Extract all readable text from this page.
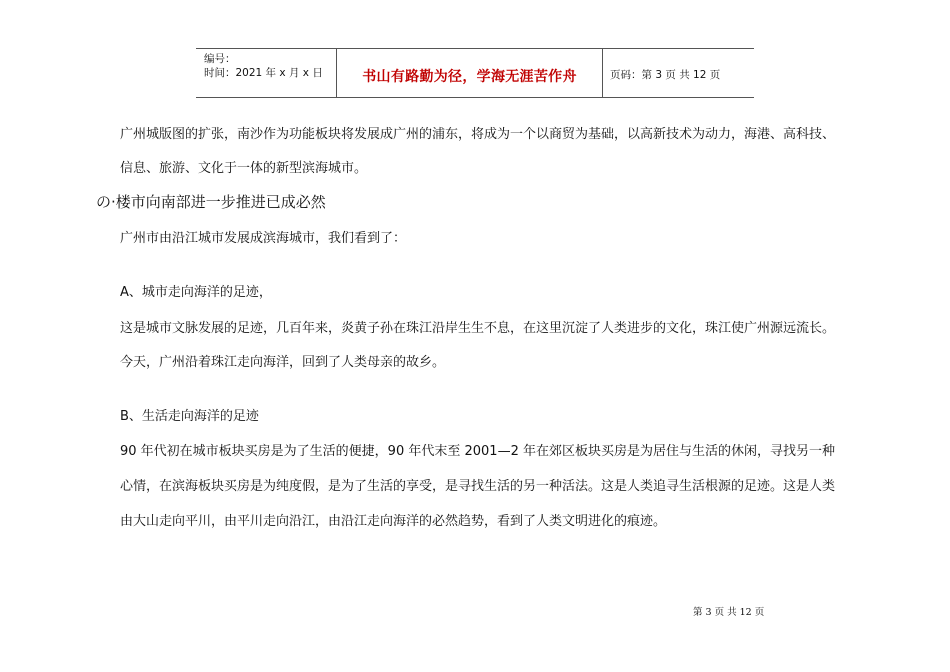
编号：
时间：2021 年 x 月 x 日	书山有路勤为径，学海无涯苦作舟	页码：第 3 页 共 12 页
广州城版图的扩张，南沙作为功能板块将发展成广州的浦东，将成为一个以商贸为基础，以高新技术为动力，海港、高科技、
信息、旅游、文化于一体的新型滨海城市。
の·楼市向南部进一步推进已成必然
广州市由沿江城市发展成滨海城市，我们看到了：
A、城市走向海洋的足迹，
这是城市文脉发展的足迹，几百年来，炎黄子孙在珠江沿岸生生不息，在这里沉淀了人类进步的文化，珠江使广州源远流长。
今天，广州沿着珠江走向海洋，回到了人类母亲的故乡。
B、生活走向海洋的足迹
90 年代初在城市板块买房是为了生活的便捷，90 年代末至 2001—2 年在郊区板块买房是为居住与生活的休闲，寻找另一种
心情，在滨海板块买房是为纯度假，是为了生活的享受，是寻找生活的另一种活法。这是人类追寻生活根源的足迹。这是人类
由大山走向平川，由平川走向沿江，由沿江走向海洋的必然趋势，看到了人类文明进化的痕迹。
第 3 页 共 12 页
